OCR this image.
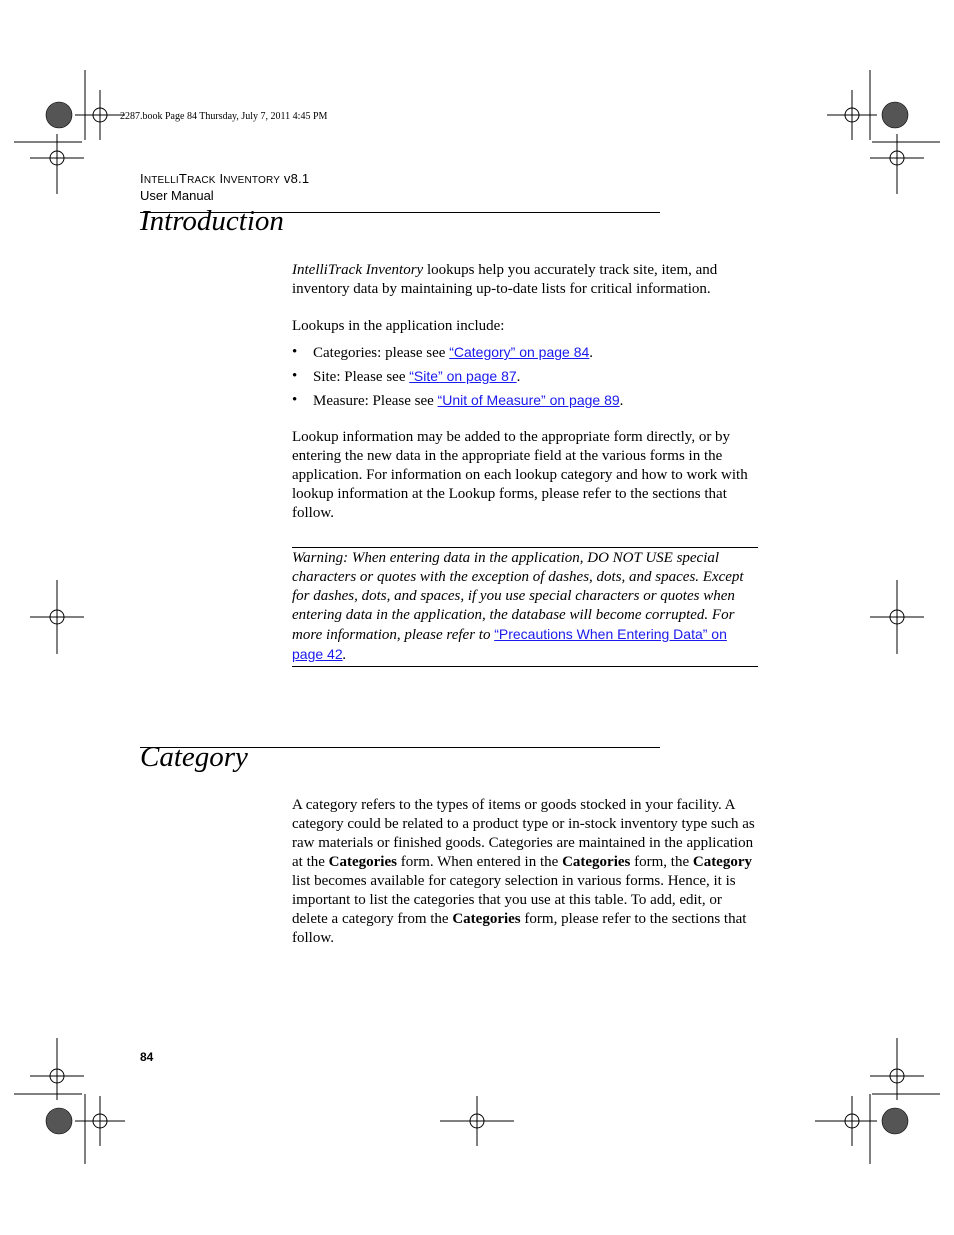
2287.book Page 84 Thursday, July 7, 2011 4:45 PM
INTELLITRACK INVENTORY v8.1
User Manual
Introduction

IntelliTrack Inventory lookups help you accurately track site, item, and inventory data by maintaining up-to-date lists for critical information.

Lookups in the application include:
•	Categories: please see “Category” on page 84.
•	Site: Please see “Site” on page 87.
•	Measure: Please see “Unit of Measure” on page 89.
Lookup information may be added to the appropriate form directly, or by entering the new data in the appropriate field at the various forms in the application. For information on each lookup category and how to work with lookup information at the Lookup forms, please refer to the sections that follow.
Warning: When entering data in the application, DO NOT USE special characters or quotes with the exception of dashes, dots, and spaces. Except for dashes, dots, and spaces, if you use special characters or quotes when entering data in the application, the database will become corrupted. For more information, please refer to “Precautions When Entering Data” on page 42.
Category
A category refers to the types of items or goods stocked in your facility. A category could be related to a product type or in-stock inventory type such as raw materials or finished goods. Categories are maintained in the application at the Categories form. When entered in the Categories form, the Category list becomes available for category selection in various forms. Hence, it is important to list the categories that you use at this table. To add, edit, or delete a category from the Categories form, please refer to the sections that follow.
84
